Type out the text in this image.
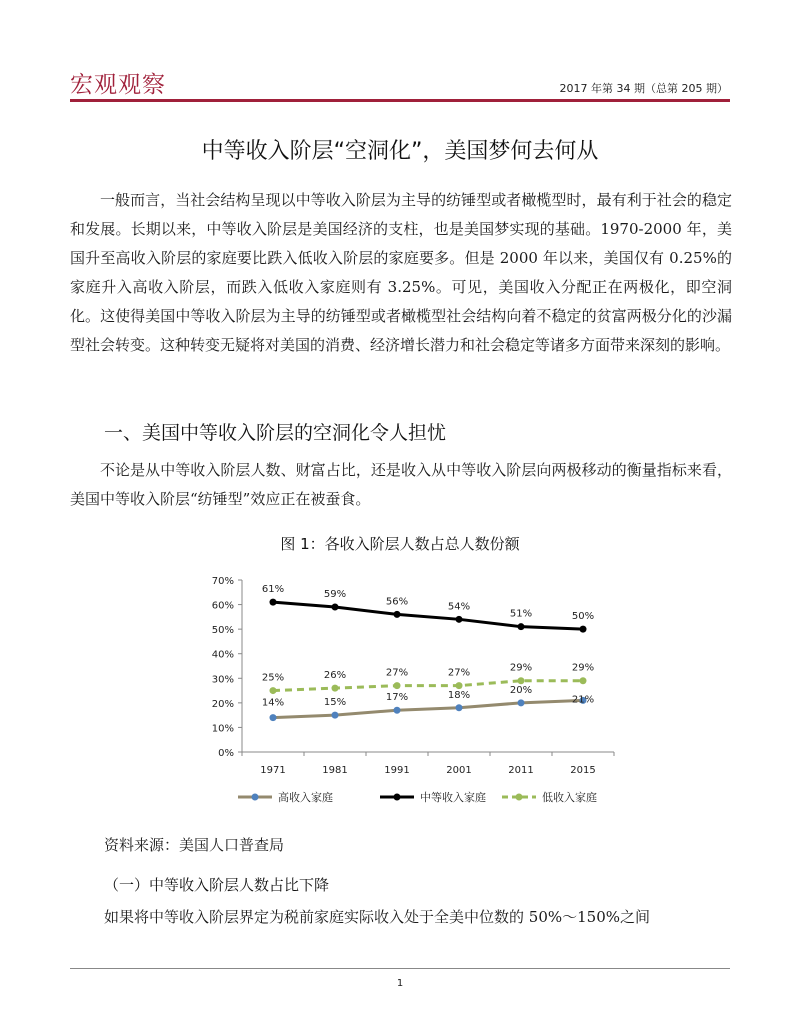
宏观观察	2017 年第 34 期（总第 205 期）
中等收入阶层“空洞化”，美国梦何去何从

一般而言，当社会结构呈现以中等收入阶层为主导的纺锤型或者橄榄型时，最有利于社会的稳定和发展。长期以来，中等收入阶层是美国经济的支柱，也是美国梦实现的基础。1970-2000 年，美国升至高收入阶层的家庭要比跌入低收入阶层的家庭要多。但是 2000 年以来，美国仅有 0.25%的家庭升入高收入阶层，而跌入低收入家庭则有 3.25%。可见，美国收入分配正在两极化，即空洞化。这使得美国中等收入阶层为主导的纺锤型或者橄榄型社会结构向着不稳定的贫富两极分化的沙漏型社会转变。这种转变无疑将对美国的消费、经济增长潜力和社会稳定等诸多方面带来深刻的影响。

一、美国中等收入阶层的空洞化令人担忧

不论是从中等收入阶层人数、财富占比，还是收入从中等收入阶层向两极移动的衡量指标来看，美国中等收入阶层“纺锤型”效应正在被蚕食。

图 1：各收入阶层人数占总人数份额
0%
10%
20%
30%
40%
50%
60%
70%
1971	1981	1991	2001	2011	2015
14%	15%	17%	18%	20%
21%
61%	59%
56%	54%
51%	50%
25%	26%	27%	27%	29%	29%
高收入家庭	中等收入家庭	低收入家庭
资料来源：美国人口普查局
（一）中等收入阶层人数占比下降
如果将中等收入阶层界定为税前家庭实际收入处于全美中位数的 50%～150%之间
1
